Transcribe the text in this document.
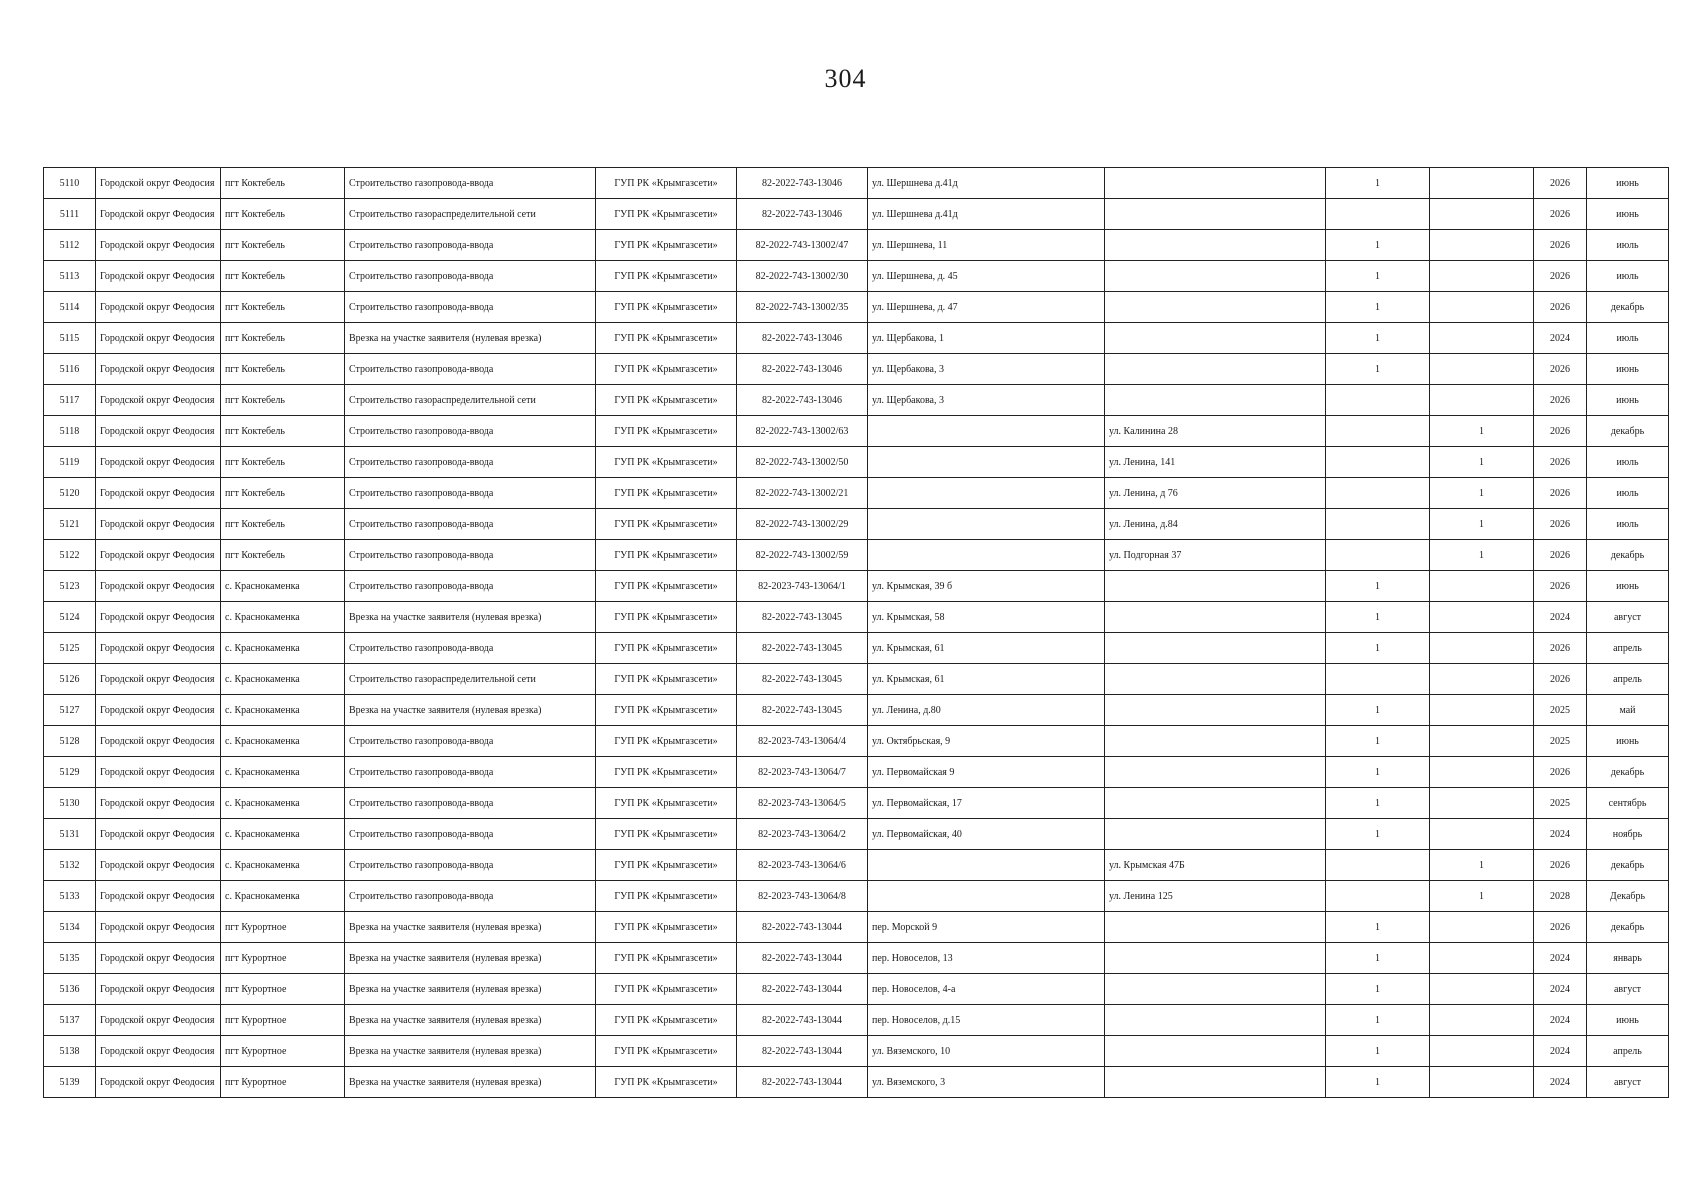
304
5110	Городской округ Феодосия	пгт Коктебель	Строительство газопровода-ввода	ГУП РК «Крымгазсети»	82-2022-743-13046	ул. Шершнева д.41д		1		2026	июнь
5111	Городской округ Феодосия	пгт Коктебель	Строительство газораспределительной сети	ГУП РК «Крымгазсети»	82-2022-743-13046	ул. Шершнева д.41д				2026	июнь
5112	Городской округ Феодосия	пгт Коктебель	Строительство газопровода-ввода	ГУП РК «Крымгазсети»	82-2022-743-13002/47	ул. Шершнева, 11		1		2026	июль
5113	Городской округ Феодосия	пгт Коктебель	Строительство газопровода-ввода	ГУП РК «Крымгазсети»	82-2022-743-13002/30	ул. Шершнева, д. 45		1		2026	июль
5114	Городской округ Феодосия	пгт Коктебель	Строительство газопровода-ввода	ГУП РК «Крымгазсети»	82-2022-743-13002/35	ул. Шершнева, д. 47		1		2026	декабрь
5115	Городской округ Феодосия	пгт Коктебель	Врезка на участке заявителя (нулевая врезка)	ГУП РК «Крымгазсети»	82-2022-743-13046	ул. Щербакова, 1		1		2024	июль
5116	Городской округ Феодосия	пгт Коктебель	Строительство газопровода-ввода	ГУП РК «Крымгазсети»	82-2022-743-13046	ул. Щербакова, 3		1		2026	июнь
5117	Городской округ Феодосия	пгт Коктебель	Строительство газораспределительной сети	ГУП РК «Крымгазсети»	82-2022-743-13046	ул. Щербакова, 3				2026	июнь
5118	Городской округ Феодосия	пгт Коктебель	Строительство газопровода-ввода	ГУП РК «Крымгазсети»	82-2022-743-13002/63		ул. Калинина 28		1	2026	декабрь
5119	Городской округ Феодосия	пгт Коктебель	Строительство газопровода-ввода	ГУП РК «Крымгазсети»	82-2022-743-13002/50		ул. Ленина, 141		1	2026	июль
5120	Городской округ Феодосия	пгт Коктебель	Строительство газопровода-ввода	ГУП РК «Крымгазсети»	82-2022-743-13002/21		ул. Ленина, д 76		1	2026	июль
5121	Городской округ Феодосия	пгт Коктебель	Строительство газопровода-ввода	ГУП РК «Крымгазсети»	82-2022-743-13002/29		ул. Ленина, д.84		1	2026	июль
5122	Городской округ Феодосия	пгт Коктебель	Строительство газопровода-ввода	ГУП РК «Крымгазсети»	82-2022-743-13002/59		ул. Подгорная 37		1	2026	декабрь
5123	Городской округ Феодосия	с. Краснокаменка	Строительство газопровода-ввода	ГУП РК «Крымгазсети»	82-2023-743-13064/1	ул. Крымская, 39 б		1		2026	июнь
5124	Городской округ Феодосия	с. Краснокаменка	Врезка на участке заявителя (нулевая врезка)	ГУП РК «Крымгазсети»	82-2022-743-13045	ул. Крымская, 58		1		2024	август
5125	Городской округ Феодосия	с. Краснокаменка	Строительство газопровода-ввода	ГУП РК «Крымгазсети»	82-2022-743-13045	ул. Крымская, 61		1		2026	апрель
5126	Городской округ Феодосия	с. Краснокаменка	Строительство газораспределительной сети	ГУП РК «Крымгазсети»	82-2022-743-13045	ул. Крымская, 61				2026	апрель
5127	Городской округ Феодосия	с. Краснокаменка	Врезка на участке заявителя (нулевая врезка)	ГУП РК «Крымгазсети»	82-2022-743-13045	ул. Ленина, д.80		1		2025	май
5128	Городской округ Феодосия	с. Краснокаменка	Строительство газопровода-ввода	ГУП РК «Крымгазсети»	82-2023-743-13064/4	ул. Октябрьская, 9		1		2025	июнь
5129	Городской округ Феодосия	с. Краснокаменка	Строительство газопровода-ввода	ГУП РК «Крымгазсети»	82-2023-743-13064/7	ул. Первомайская 9		1		2026	декабрь
5130	Городской округ Феодосия	с. Краснокаменка	Строительство газопровода-ввода	ГУП РК «Крымгазсети»	82-2023-743-13064/5	ул. Первомайская, 17		1		2025	сентябрь
5131	Городской округ Феодосия	с. Краснокаменка	Строительство газопровода-ввода	ГУП РК «Крымгазсети»	82-2023-743-13064/2	ул. Первомайская, 40		1		2024	ноябрь
5132	Городской округ Феодосия	с. Краснокаменка	Строительство газопровода-ввода	ГУП РК «Крымгазсети»	82-2023-743-13064/6		ул. Крымская 47Б		1	2026	декабрь
5133	Городской округ Феодосия	с. Краснокаменка	Строительство газопровода-ввода	ГУП РК «Крымгазсети»	82-2023-743-13064/8		ул. Ленина 125		1	2028	Декабрь
5134	Городской округ Феодосия	пгт Курортное	Врезка на участке заявителя (нулевая врезка)	ГУП РК «Крымгазсети»	82-2022-743-13044	пер. Морской 9		1		2026	декабрь
5135	Городской округ Феодосия	пгт Курортное	Врезка на участке заявителя (нулевая врезка)	ГУП РК «Крымгазсети»	82-2022-743-13044	пер. Новоселов, 13		1		2024	январь
5136	Городской округ Феодосия	пгт Курортное	Врезка на участке заявителя (нулевая врезка)	ГУП РК «Крымгазсети»	82-2022-743-13044	пер. Новоселов, 4-а		1		2024	август
5137	Городской округ Феодосия	пгт Курортное	Врезка на участке заявителя (нулевая врезка)	ГУП РК «Крымгазсети»	82-2022-743-13044	пер. Новоселов, д.15		1		2024	июнь
5138	Городской округ Феодосия	пгт Курортное	Врезка на участке заявителя (нулевая врезка)	ГУП РК «Крымгазсети»	82-2022-743-13044	ул. Вяземского, 10		1		2024	апрель
5139	Городской округ Феодосия	пгт Курортное	Врезка на участке заявителя (нулевая врезка)	ГУП РК «Крымгазсети»	82-2022-743-13044	ул. Вяземского, 3		1		2024	август
